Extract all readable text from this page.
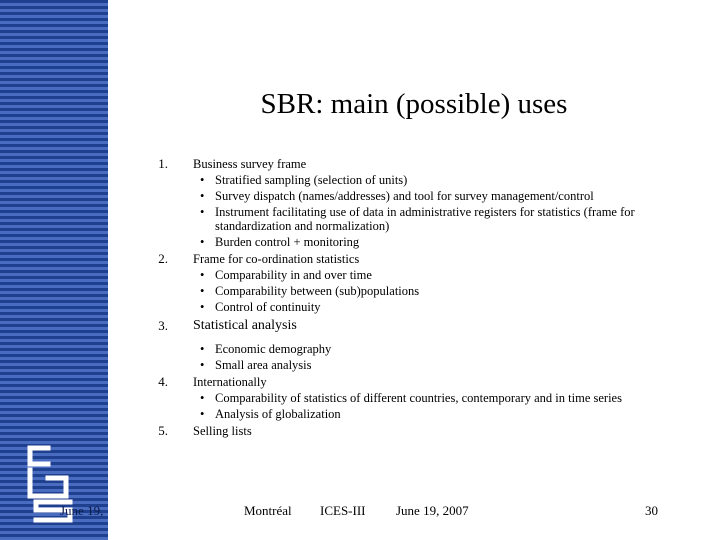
June 19,
SBR: main (possible) uses
1. Business survey frame
• Stratified sampling (selection of units)
• Survey dispatch (names/addresses) and tool for survey management/control
• Instrument facilitating use of data in administrative registers for statistics (frame for standardization and normalization)
• Burden control + monitoring
2. Frame for co-ordination statistics
• Comparability in and over time
• Comparability between (sub)populations
• Control of continuity
3. Statistical analysis
• Economic demography
• Small area analysis
4. Internationally
• Comparability of statistics of different countries, contemporary and in time series
• Analysis of globalization
5. Selling lists
Montréal ICES-III June 19, 2007	30
